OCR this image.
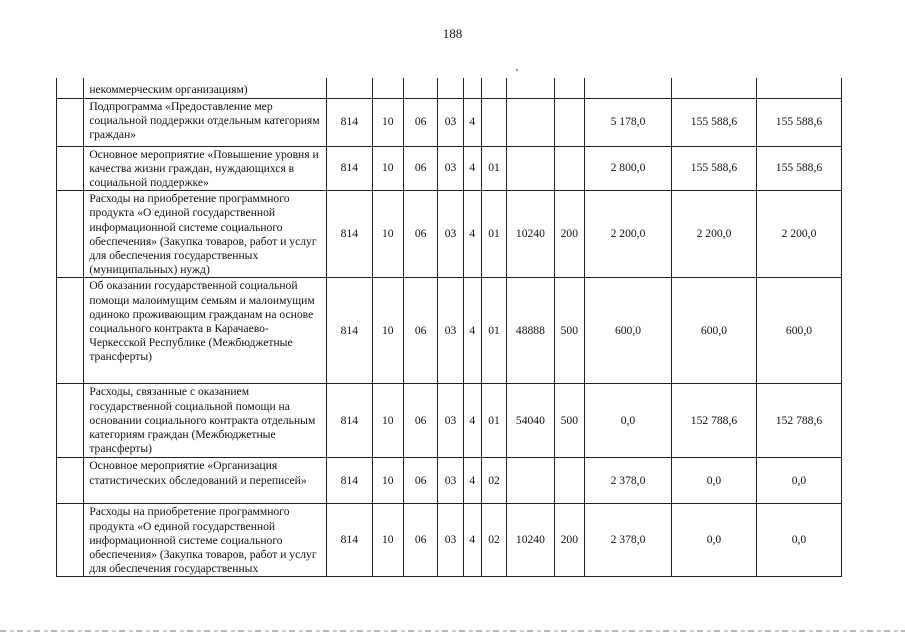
188
	некоммерческим организациям)											
	Подпрограмма «Предоставление мер социальной поддержки отдельным категориям граждан»	814	10	06	03	4				5 178,0	155 588,6	155 588,6
	Основное мероприятие «Повышение уровня и качества жизни граждан, нуждающихся в социальной поддержке»	814	10	06	03	4	01			2 800,0	155 588,6	155 588,6
	Расходы на приобретение программного продукта «О единой государственной информационной системе социального обеспечения» (Закупка товаров, работ и услуг для обеспечения государственных (муниципальных) нужд)	814	10	06	03	4	01	10240	200	2 200,0	2 200,0	2 200,0
	Об оказании государственной социальной помощи малоимущим семьям и малоимущим одиноко проживающим гражданам на основе социального контракта в Карачаево-Черкесской Республике (Межбюджетные трансферты)	814	10	06	03	4	01	48888	500	600,0	600,0	600,0
	Расходы, связанные с оказанием государственной социальной помощи на основании социального контракта отдельным категориям граждан (Межбюджетные трансферты)	814	10	06	03	4	01	54040	500	0,0	152 788,6	152 788,6
	Основное мероприятие «Организация статистических обследований и переписей»	814	10	06	03	4	02			2 378,0	0,0	0,0
	Расходы на приобретение программного продукта «О единой государственной информационной системе социального обеспечения» (Закупка товаров, работ и услуг для обеспечения государственных	814	10	06	03	4	02	10240	200	2 378,0	0,0	0,0
